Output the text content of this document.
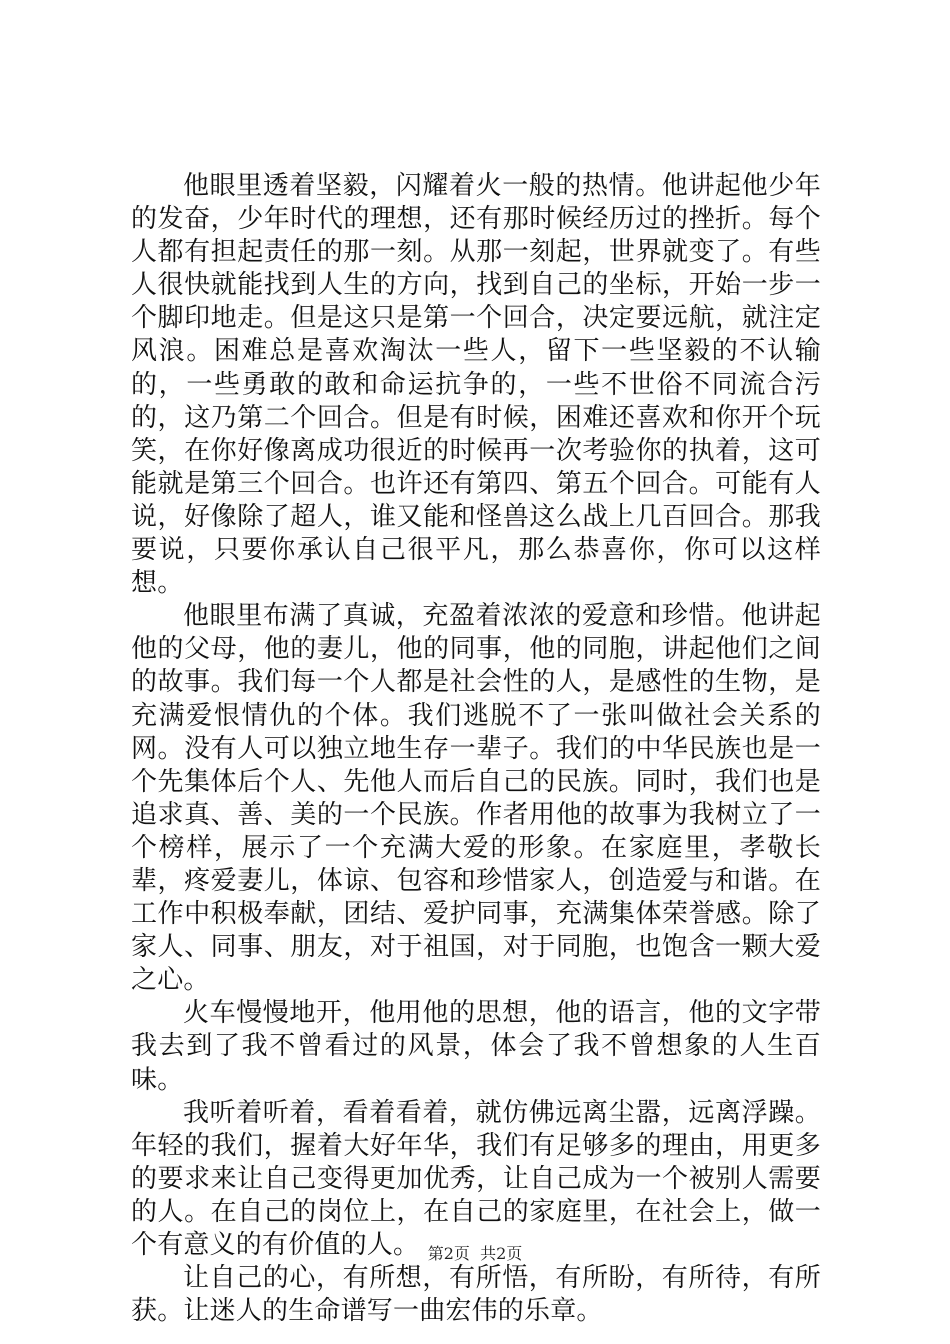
他眼里透着坚毅，闪耀着火一般的热情。他讲起他少年的发奋，少年时代的理想，还有那时候经历过的挫折。每个人都有担起责任的那一刻。从那一刻起，世界就变了。有些人很快就能找到人生的方向，找到自己的坐标，开始一步一个脚印地走。但是这只是第一个回合，决定要远航，就注定风浪。困难总是喜欢淘汰一些人，留下一些坚毅的不认输的，一些勇敢的敢和命运抗争的，一些不世俗不同流合污的，这乃第二个回合。但是有时候，困难还喜欢和你开个玩笑，在你好像离成功很近的时候再一次考验你的执着，这可能就是第三个回合。也许还有第四、第五个回合。可能有人说，好像除了超人，谁又能和怪兽这么战上几百回合。那我要说，只要你承认自己很平凡，那么恭喜你，你可以这样想。

他眼里布满了真诚，充盈着浓浓的爱意和珍惜。他讲起他的父母，他的妻儿，他的同事，他的同胞，讲起他们之间的故事。我们每一个人都是社会性的人，是感性的生物，是充满爱恨情仇的个体。我们逃脱不了一张叫做社会关系的网。没有人可以独立地生存一辈子。我们的中华民族也是一个先集体后个人、先他人而后自己的民族。同时，我们也是追求真、善、美的一个民族。作者用他的故事为我树立了一个榜样，展示了一个充满大爱的形象。在家庭里，孝敬长辈，疼爱妻儿，体谅、包容和珍惜家人，创造爱与和谐。在工作中积极奉献，团结、爱护同事，充满集体荣誉感。除了家人、同事、朋友，对于祖国，对于同胞，也饱含一颗大爱之心。

火车慢慢地开，他用他的思想，他的语言，他的文字带我去到了我不曾看过的风景，体会了我不曾想象的人生百味。

我听着听着，看着看着，就仿佛远离尘嚣，远离浮躁。年轻的我们，握着大好年华，我们有足够多的理由，用更多的要求来让自己变得更加优秀，让自己成为一个被别人需要的人。在自己的岗位上，在自己的家庭里，在社会上，做一个有意义的有价值的人。

让自己的心，有所想，有所悟，有所盼，有所待，有所获。让迷人的生命谱写一曲宏伟的乐章。

第2页  共2页
